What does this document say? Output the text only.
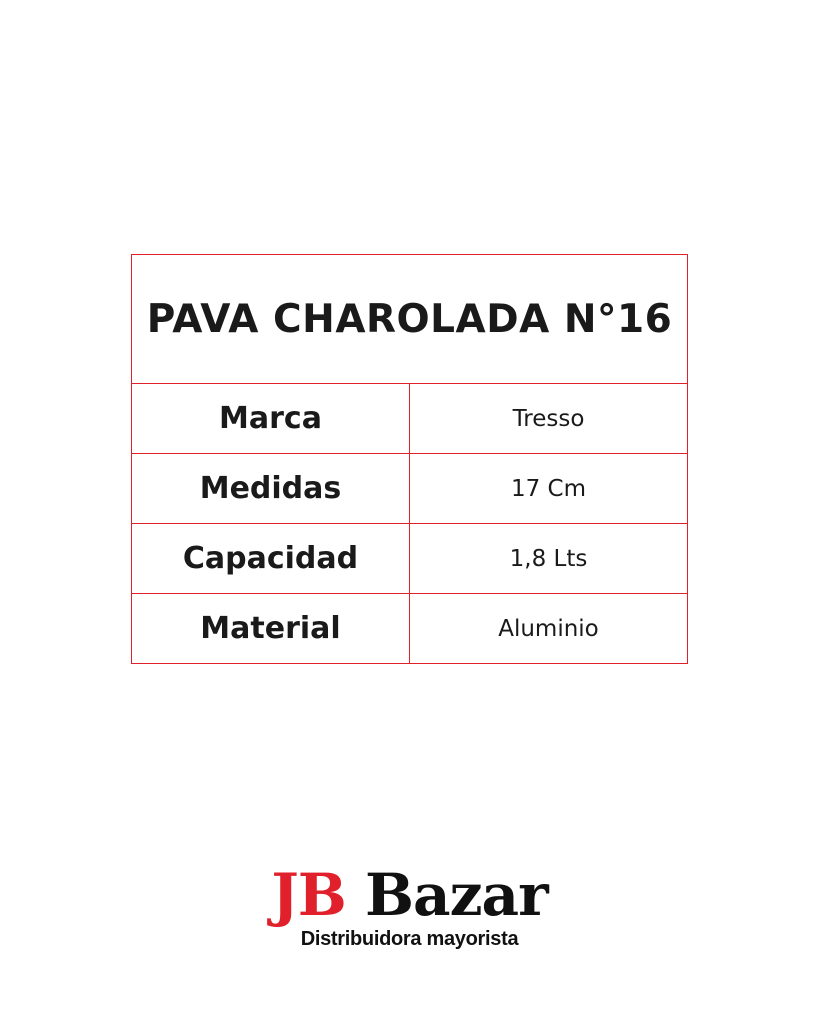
PAVA CHAROLADA N°16	
Marca	Tresso
Medidas	17 Cm
Capacidad	1,8 Lts
Material	Aluminio
JB Bazar
Distribuidora mayorista
